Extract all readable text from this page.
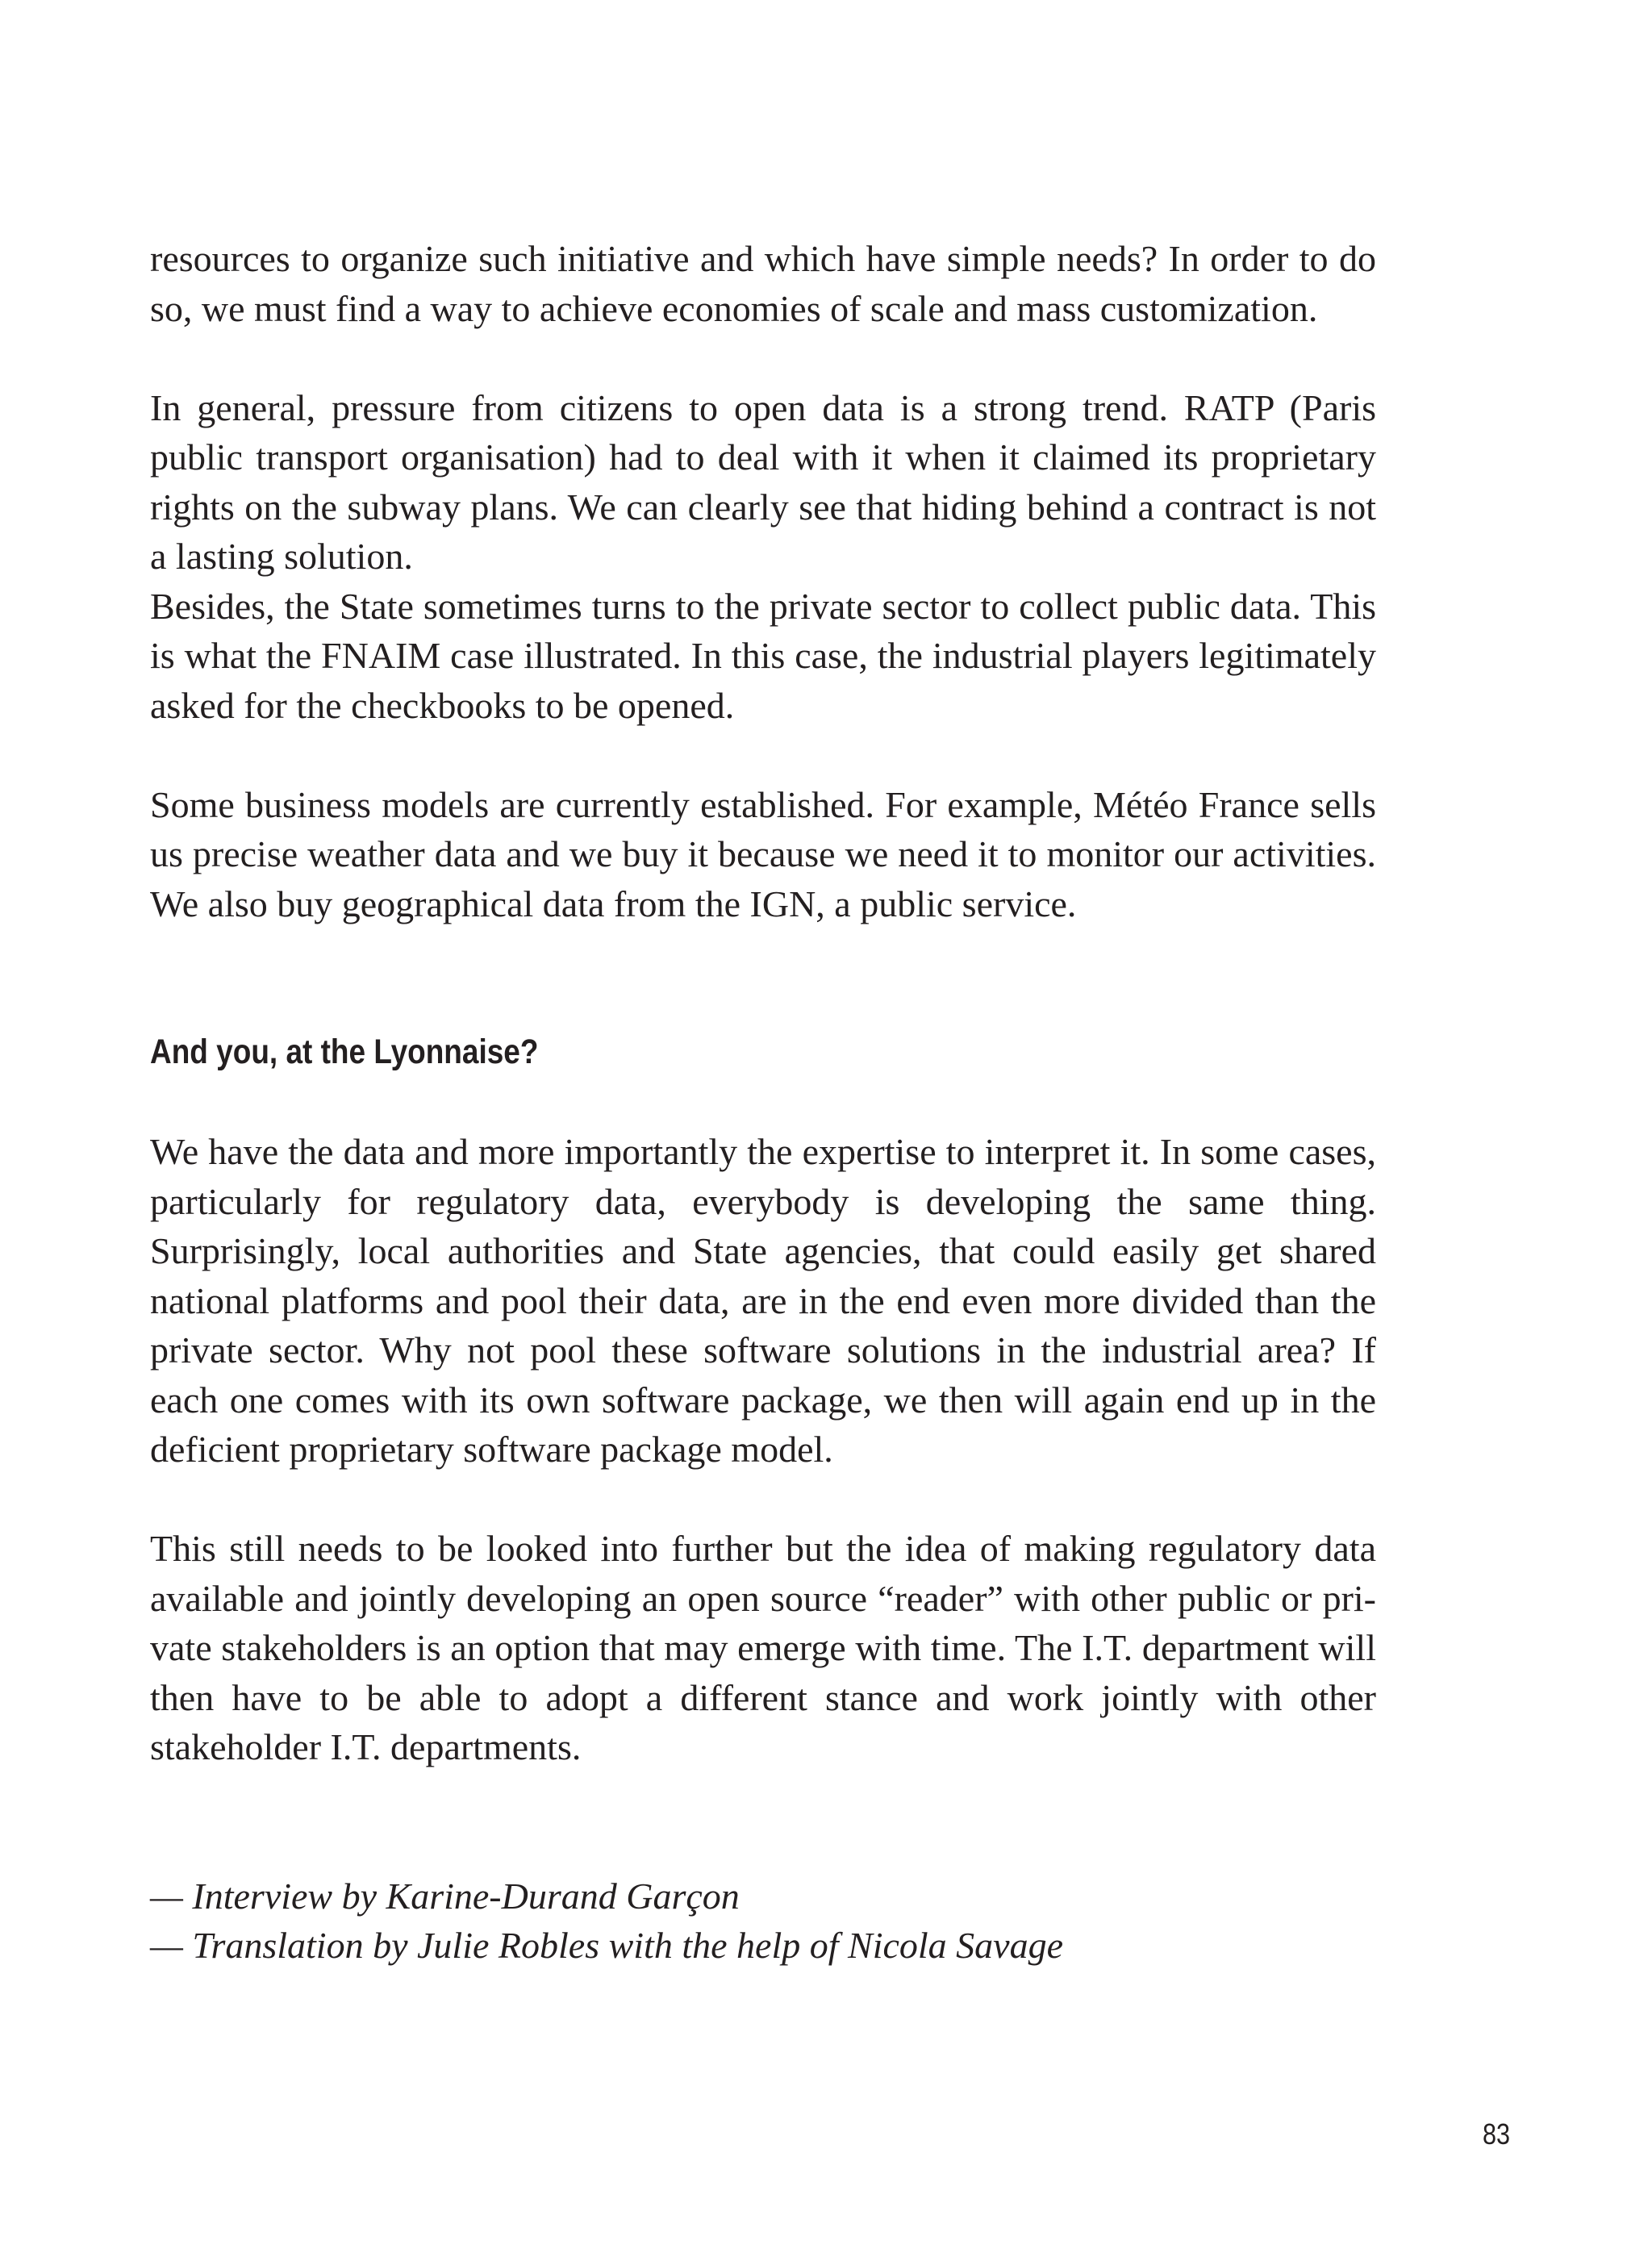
resources to organize such initiative and which have simple needs? In order to do so, we must find a way to achieve economies of scale and mass customization.

In general, pressure from citizens to open data is a strong trend. RATP (Paris public transport organisation) had to deal with it when it claimed its proprietary rights on the subway plans. We can clearly see that hiding behind a contract is not a lasting solution.

Besides, the State sometimes turns to the private sector to collect public data. This is what the FNAIM case illustrated. In this case, the industrial players legitimately asked for the checkbooks to be opened.

Some business models are currently established. For example, Météo France sells us precise weather data and we buy it because we need it to monitor our activities. We also buy geographical data from the IGN, a public service.

And you, at the Lyonnaise?

We have the data and more importantly the expertise to interpret it. In some cases, particularly for regulatory data, everybody is developing the same thing. Surprisingly, local authorities and State agencies, that could easily get shared national platforms and pool their data, are in the end even more divided than the private sector. Why not pool these software solutions in the industrial area? If each one comes with its own software package, we then will again end up in the deficient proprietary software package model.

This still needs to be looked into further but the idea of making regulatory data available and jointly developing an open source “reader” with other public or private stakeholders is an option that may emerge with time. The I.T. department will then have to be able to adopt a different stance and work jointly with other stakeholder I.T. departments.

— Interview by Karine-Durand Garçon

— Translation by Julie Robles with the help of Nicola Savage

83
